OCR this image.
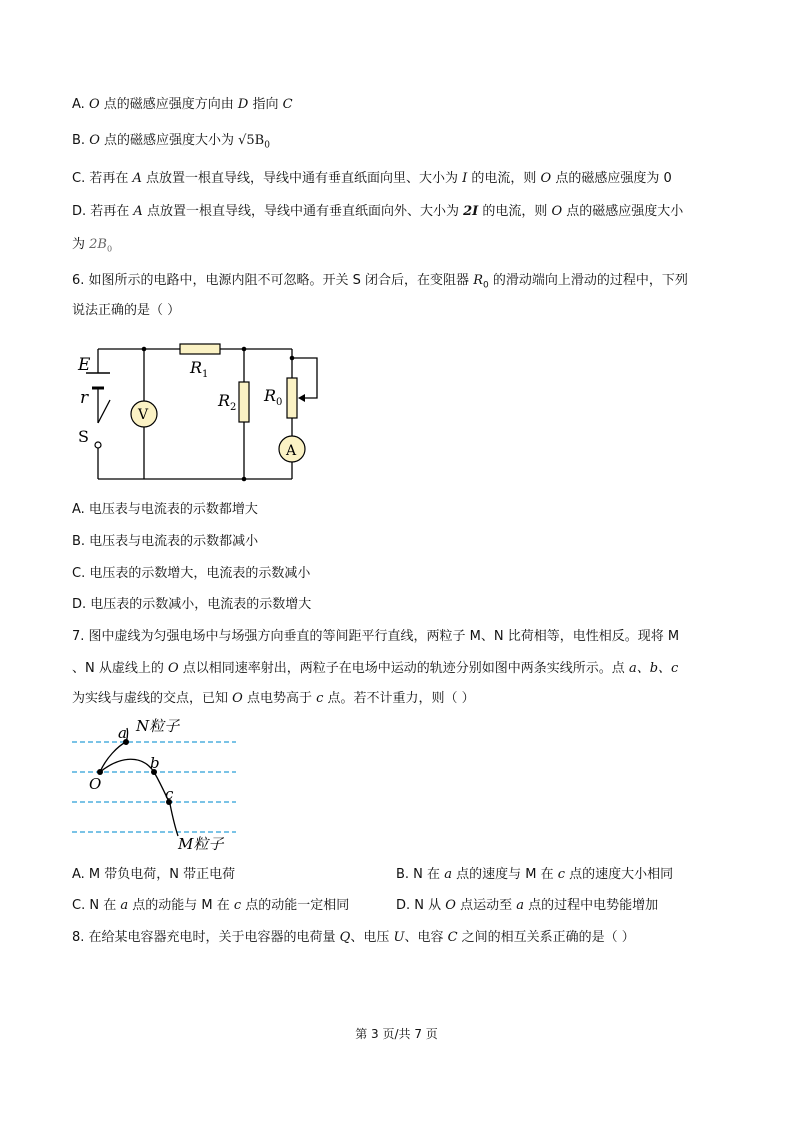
A. O 点的磁感应强度方向由 D 指向 C
B. O 点的磁感应强度大小为 $√5B_0$
C. 若再在 A 点放置一根直导线，导线中通有垂直纸面向里、大小为 I 的电流，则 O 点的磁感应强度为 0
D. 若再在 A 点放置一根直导线，导线中通有垂直纸面向外、大小为 2I 的电流，则 O 点的磁感应强度大小
为 $2B_0$
6. 如图所示的电路中，电源内阻不可忽略。开关 S 闭合后，在变阻器 $R_0$ 的滑动端向上滑动的过程中，下列
说法正确的是（ ）
E
r
S
V
A
R 1
R 2
R 0
A. 电压表与电流表的示数都增大
B. 电压表与电流表的示数都减小
C. 电压表的示数增大，电流表的示数减小
D. 电压表的示数减小，电流表的示数增大
7. 图中虚线为匀强电场中与场强方向垂直的等间距平行直线，两粒子 M、N 比荷相等，电性相反。现将 M
、N 从虚线上的 O 点以相同速率射出，两粒子在电场中运动的轨迹分别如图中两条实线所示。点 a、b、c
为实线与虚线的交点，已知 O 点电势高于 c 点。若不计重力，则（ ）
a
b
c
O
N粒子
M粒子
A. M 带负电荷，N 带正电荷	B. N 在 a 点的速度与 M 在 c 点的速度大小相同
C. N 在 a 点的动能与 M 在 c 点的动能一定相同	D. N 从 O 点运动至 a 点的过程中电势能增加
8. 在给某电容器充电时，关于电容器的电荷量 Q、电压 U、电容 C 之间的相互关系正确的是（ ）
第 3 页/共 7 页
